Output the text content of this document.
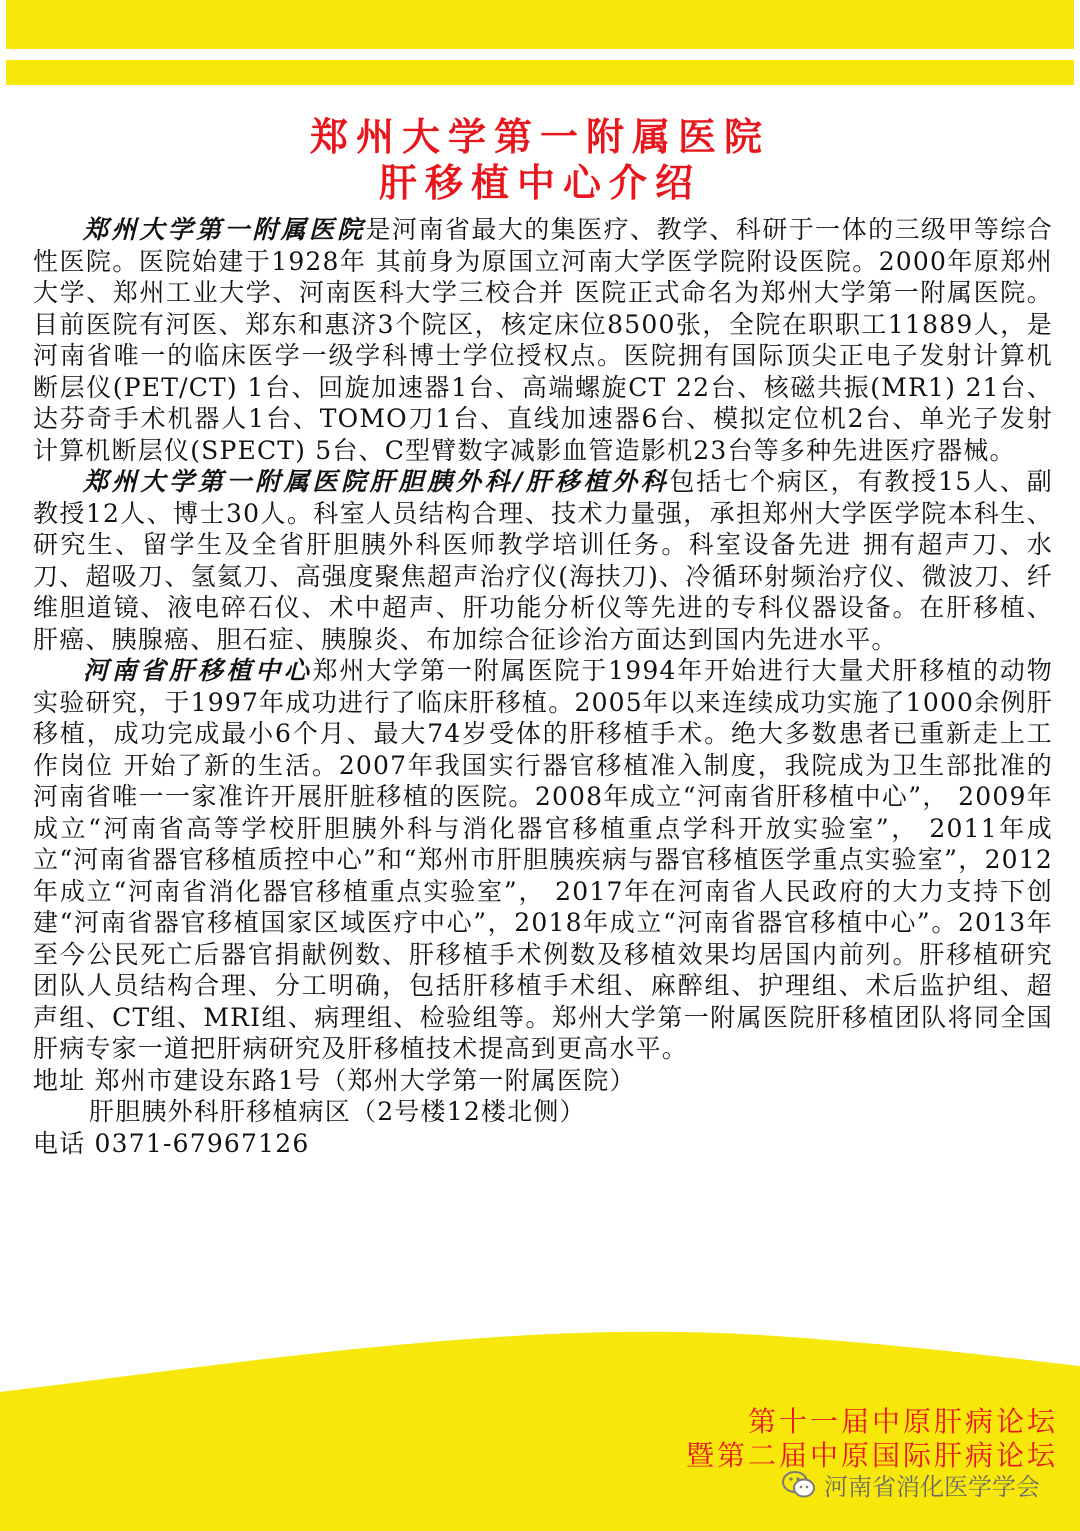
郑州大学第一附属医院
肝移植中心介绍

郑州大学第一附属医院是河南省最大的集医疗、教学、科研于一体的三级甲等综合性医院。医院始建于1928年 其前身为原国立河南大学医学院附设医院。2000年原郑州大学、郑州工业大学、河南医科大学三校合并 医院正式命名为郑州大学第一附属医院。目前医院有河医、郑东和惠济3个院区，核定床位8500张，全院在职职工11889人，是河南省唯一的临床医学一级学科博士学位授权点。医院拥有国际顶尖正电子发射计算机断层仪(PET/CT) 1台、回旋加速器1台、高端螺旋CT 22台、核磁共振(MR1) 21台、达芬奇手术机器人1台、TOMO刀1台、直线加速器6台、模拟定位机2台、单光子发射计算机断层仪(SPECT) 5台、C型臂数字减影血管造影机23台等多种先进医疗器械。

郑州大学第一附属医院肝胆胰外科/肝移植外科包括七个病区，有教授15人、副教授12人、博士30人。科室人员结构合理、技术力量强，承担郑州大学医学院本科生、研究生、留学生及全省肝胆胰外科医师教学培训任务。科室设备先进 拥有超声刀、水刀、超吸刀、氢氦刀、高强度聚焦超声治疗仪(海扶刀)、冷循环射频治疗仪、微波刀、纤维胆道镜、液电碎石仪、术中超声、肝功能分析仪等先进的专科仪器设备。在肝移植、肝癌、胰腺癌、胆石症、胰腺炎、布加综合征诊治方面达到国内先进水平。

河南省肝移植中心郑州大学第一附属医院于1994年开始进行大量犬肝移植的动物实验研究，于1997年成功进行了临床肝移植。2005年以来连续成功实施了1000余例肝移植，成功完成最小6个月、最大74岁受体的肝移植手术。绝大多数患者已重新走上工作岗位 开始了新的生活。2007年我国实行器官移植准入制度，我院成为卫生部批准的河南省唯一一家准许开展肝脏移植的医院。2008年成立“河南省肝移植中心”， 2009年成立“河南省高等学校肝胆胰外科与消化器官移植重点学科开放实验室”， 2011年成立“河南省器官移植质控中心”和“郑州市肝胆胰疾病与器官移植医学重点实验室”，2012年成立“河南省消化器官移植重点实验室”， 2017年在河南省人民政府的大力支持下创建“河南省器官移植国家区域医疗中心”，2018年成立“河南省器官移植中心”。2013年至今公民死亡后器官捐献例数、肝移植手术例数及移植效果均居国内前列。肝移植研究团队人员结构合理、分工明确，包括肝移植手术组、麻醉组、护理组、术后监护组、超声组、CT组、MRI组、病理组、检验组等。郑州大学第一附属医院肝移植团队将同全国肝病专家一道把肝病研究及肝移植技术提高到更高水平。

地址 郑州市建设东路1号（郑州大学第一附属医院）
肝胆胰外科肝移植病区（2号楼12楼北侧）
电话 0371-67967126
第十一届中原肝病论坛
暨第二届中原国际肝病论坛
河南省消化医学学会
